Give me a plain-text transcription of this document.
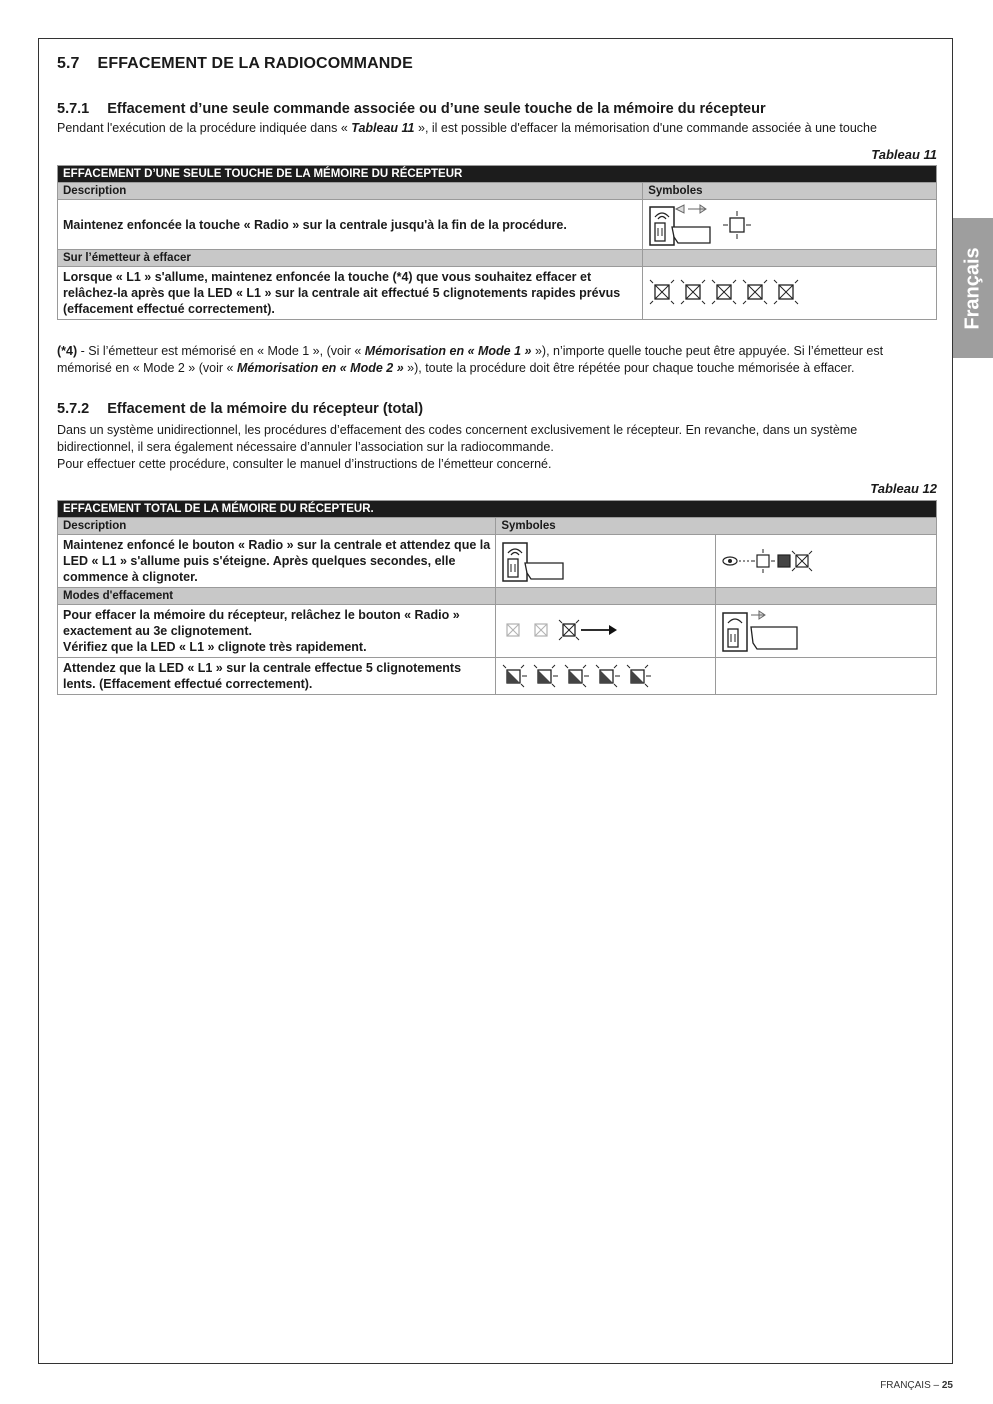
5.7 EFFACEMENT DE LA RADIOCOMMANDE
5.7.1 Effacement d’une seule commande associée ou d’une seule touche de la mémoire du récepteur

Pendant l'exécution de la procédure indiquée dans « Tableau 11 », il est possible d'effacer la mémorisation d'une commande associée à une touche

Tableau 11
EFFACEMENT D’UNE SEULE TOUCHE DE LA MÉMOIRE DU RÉCEPTEUR	
Description	Symboles
Maintenez enfoncée la touche « Radio » sur la centrale jusqu'à la fin de la procédure.	

Sur l’émetteur à effacer	
Lorsque « L1 » s'allume, maintenez enfoncée la touche (*4) que vous souhaitez effacer et relâchez-la après que la LED « L1 » sur la centrale ait effectué 5 clignotements rapides prévus (effacement effectué correctement).	

(*4) - Si l’émetteur est mémorisé en « Mode 1 », (voir « Mémorisation en « Mode 1 » »), n’importe quelle touche peut être appuyée. Si l’émetteur est mémorisé en « Mode 2 » (voir « Mémorisation en « Mode 2 » »), toute la procédure doit être répétée pour chaque touche mémorisée à effacer.

5.7.2 Effacement de la mémoire du récepteur (total)

Dans un système unidirectionnel, les procédures d’effacement des codes concernent exclusivement le récepteur. En revanche, dans un système bidirectionnel, il sera également nécessaire d’annuler l’association sur la radiocommande.

Pour effectuer cette procédure, consulter le manuel d’instructions de l’émetteur concerné.

Tableau 12
EFFACEMENT TOTAL DE LA MÉMOIRE DU RÉCEPTEUR.		
Description	Symboles	
Maintenez enfoncé le bouton « Radio » sur la centrale et attendez que la LED « L1 » s'allume puis s'éteigne. Après quelques secondes, elle commence à clignoter.	

Modes d'effacement		

Pour effacer la mémoire du récepteur, relâchez le bouton « Radio » exactement au 3e clignotement.
Vérifiez que la LED « L1 » clignote très rapidement.

Attendez que la LED « L1 » sur la centrale effectue 5 clignotements lents. (Effacement effectué correctement).	

Français
FRANÇAIS – 25
